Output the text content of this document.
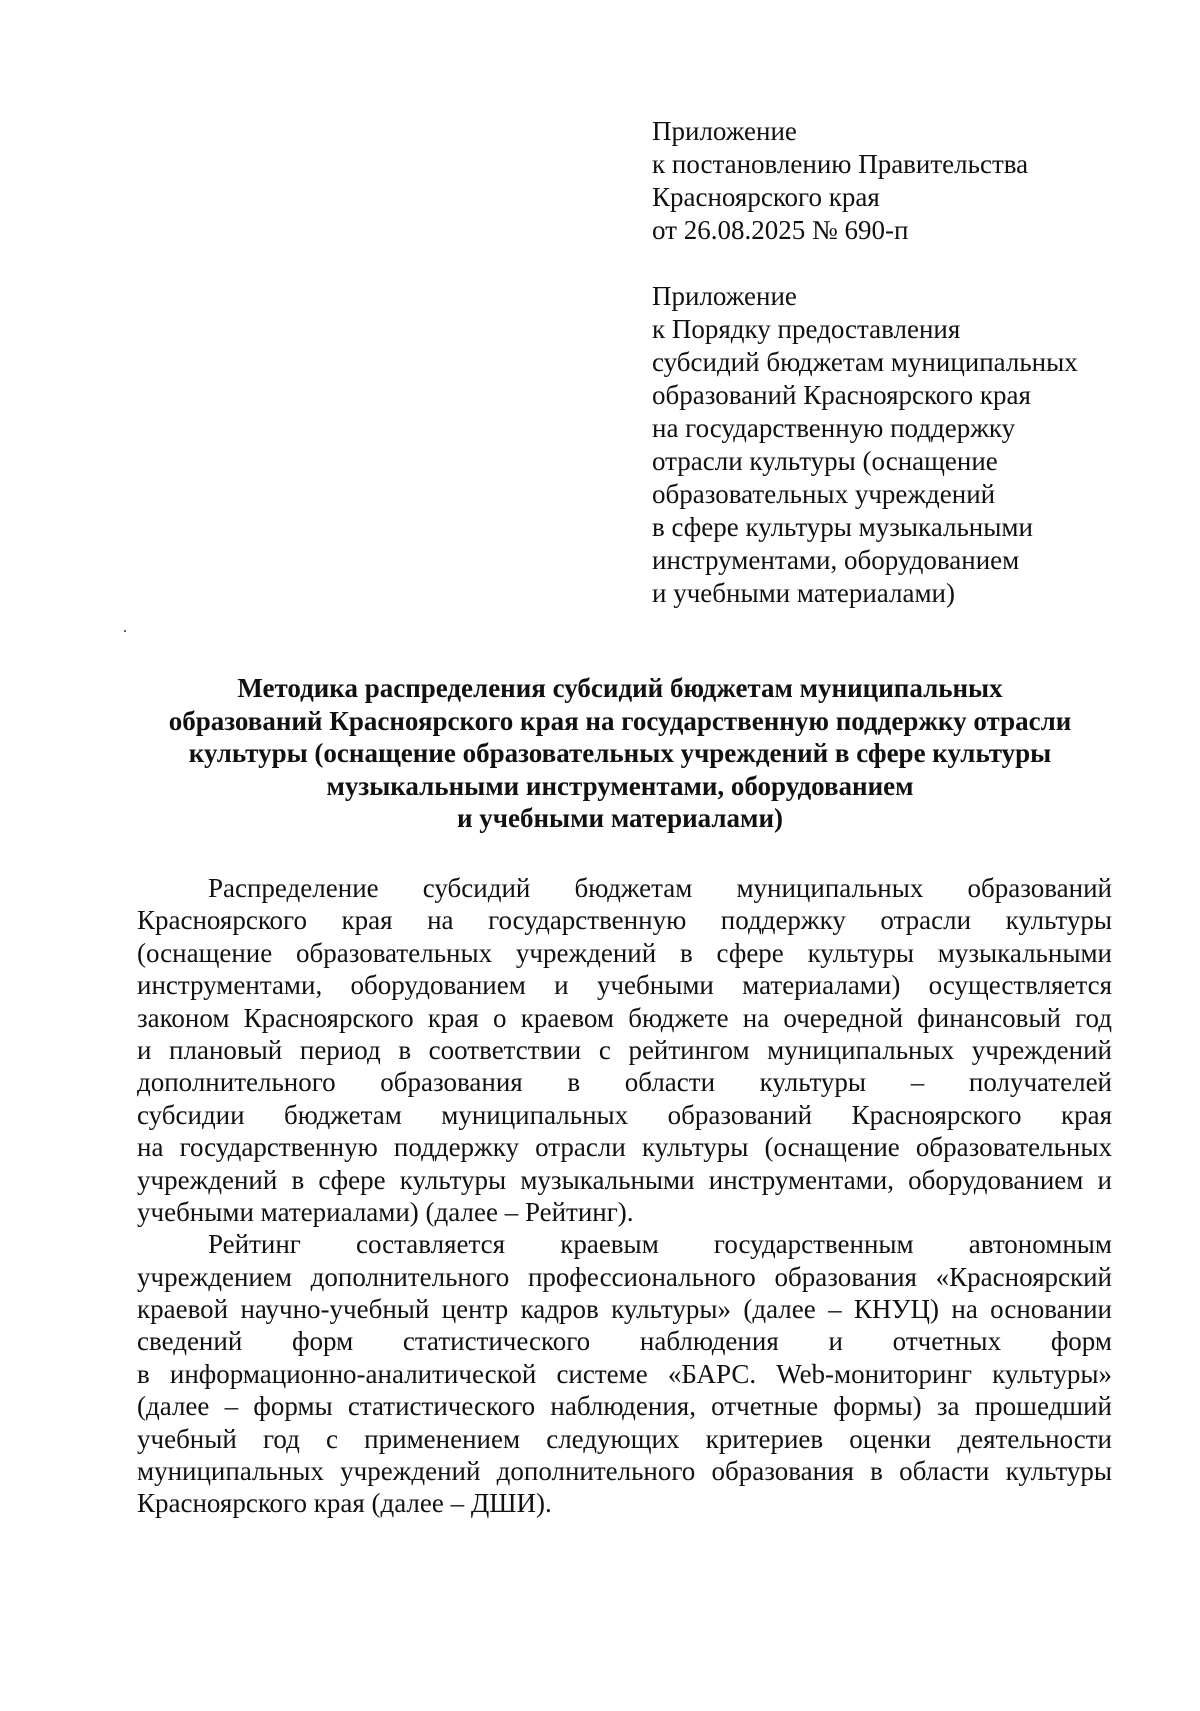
Приложение
к постановлению Правительства
Красноярского края
от 26.08.2025 № 690-п
Приложение
к Порядку предоставления
субсидий бюджетам муниципальных
образований Красноярского края
на государственную поддержку
отрасли культуры (оснащение
образовательных учреждений
в сфере культуры музыкальными
инструментами, оборудованием
и учебными материалами)
Методика распределения субсидий бюджетам муниципальных
образований Красноярского края на государственную поддержку отрасли
культуры (оснащение образовательных учреждений в сфере культуры
музыкальными инструментами, оборудованием
и учебными материалами)
Распределение субсидий бюджетам муниципальных образований
Красноярского края на государственную поддержку отрасли культуры
(оснащение образовательных учреждений в сфере культуры музыкальными
инструментами, оборудованием и учебными материалами) осуществляется
законом Красноярского края о краевом бюджете на очередной финансовый год
и плановый период в соответствии с рейтингом муниципальных учреждений
дополнительного образования в области культуры – получателей
субсидии бюджетам муниципальных образований Красноярского края
на государственную поддержку отрасли культуры (оснащение образовательных
учреждений в сфере культуры музыкальными инструментами, оборудованием и
учебными материалами) (далее – Рейтинг).
Рейтинг составляется краевым государственным автономным
учреждением дополнительного профессионального образования «Красноярский
краевой научно-учебный центр кадров культуры» (далее – КНУЦ) на основании
сведений форм статистического наблюдения и отчетных форм
в информационно-аналитической системе «БАРС. Web-мониторинг культуры»
(далее – формы статистического наблюдения, отчетные формы) за прошедший
учебный год с применением следующих критериев оценки деятельности
муниципальных учреждений дополнительного образования в области культуры
Красноярского края (далее – ДШИ).
